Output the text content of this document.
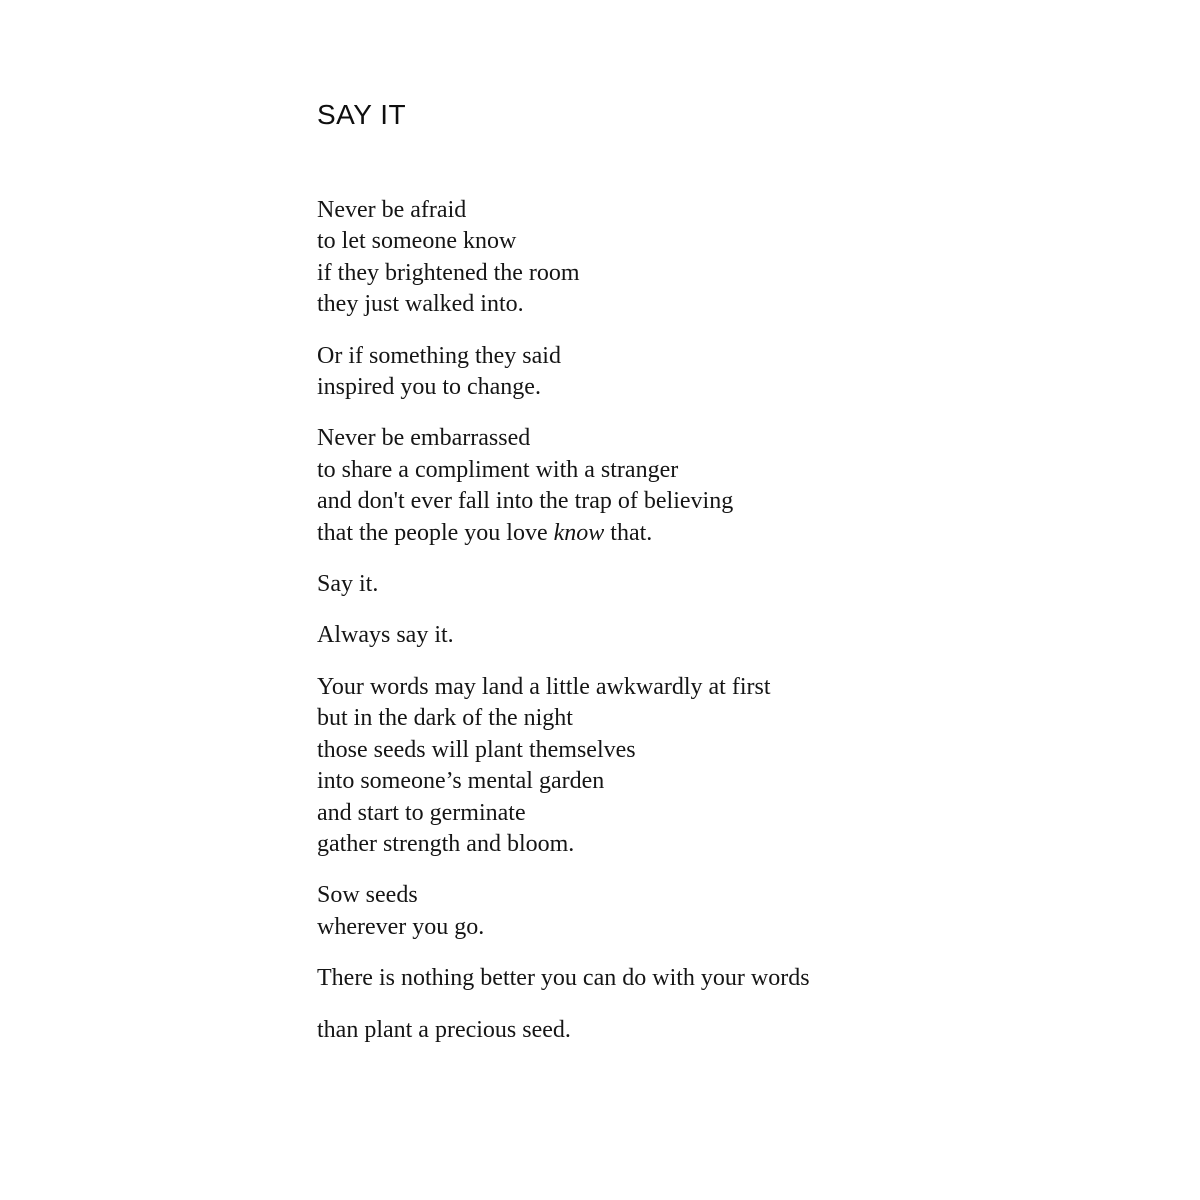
SAY IT

Never be afraid
to let someone know
if they brightened the room
they just walked into.

Or if something they said
inspired you to change.

Never be embarrassed
to share a compliment with a stranger
and don't ever fall into the trap of believing
that the people you love know that.

Say it.

Always say it.

Your words may land a little awkwardly at first
but in the dark of the night
those seeds will plant themselves
into someone’s mental garden
and start to germinate
gather strength and bloom.

Sow seeds
wherever you go.

There is nothing better you can do with your words

than plant a precious seed.
